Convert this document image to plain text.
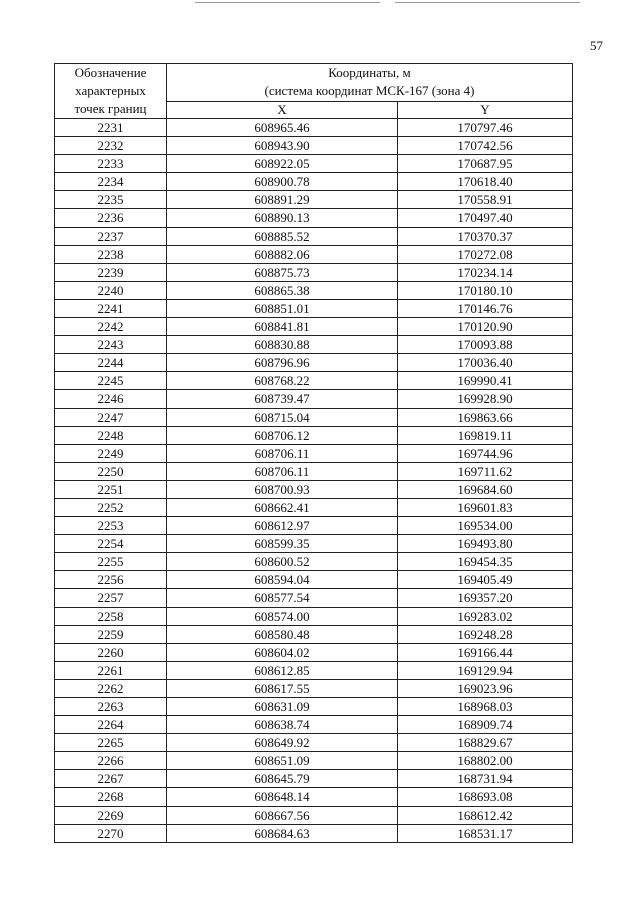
57
Обозначение
характерных
точек границ	Координаты, м
(система координат МСК-167 (зона 4)	

	X	Y
2231	608965.46	170797.46
2232	608943.90	170742.56
2233	608922.05	170687.95
2234	608900.78	170618.40
2235	608891.29	170558.91
2236	608890.13	170497.40
2237	608885.52	170370.37
2238	608882.06	170272.08
2239	608875.73	170234.14
2240	608865.38	170180.10
2241	608851.01	170146.76
2242	608841.81	170120.90
2243	608830.88	170093.88
2244	608796.96	170036.40
2245	608768.22	169990.41
2246	608739.47	169928.90
2247	608715.04	169863.66
2248	608706.12	169819.11
2249	608706.11	169744.96
2250	608706.11	169711.62
2251	608700.93	169684.60
2252	608662.41	169601.83
2253	608612.97	169534.00
2254	608599.35	169493.80
2255	608600.52	169454.35
2256	608594.04	169405.49
2257	608577.54	169357.20
2258	608574.00	169283.02
2259	608580.48	169248.28
2260	608604.02	169166.44
2261	608612.85	169129.94
2262	608617.55	169023.96
2263	608631.09	168968.03
2264	608638.74	168909.74
2265	608649.92	168829.67
2266	608651.09	168802.00
2267	608645.79	168731.94
2268	608648.14	168693.08
2269	608667.56	168612.42
2270	608684.63	168531.17
